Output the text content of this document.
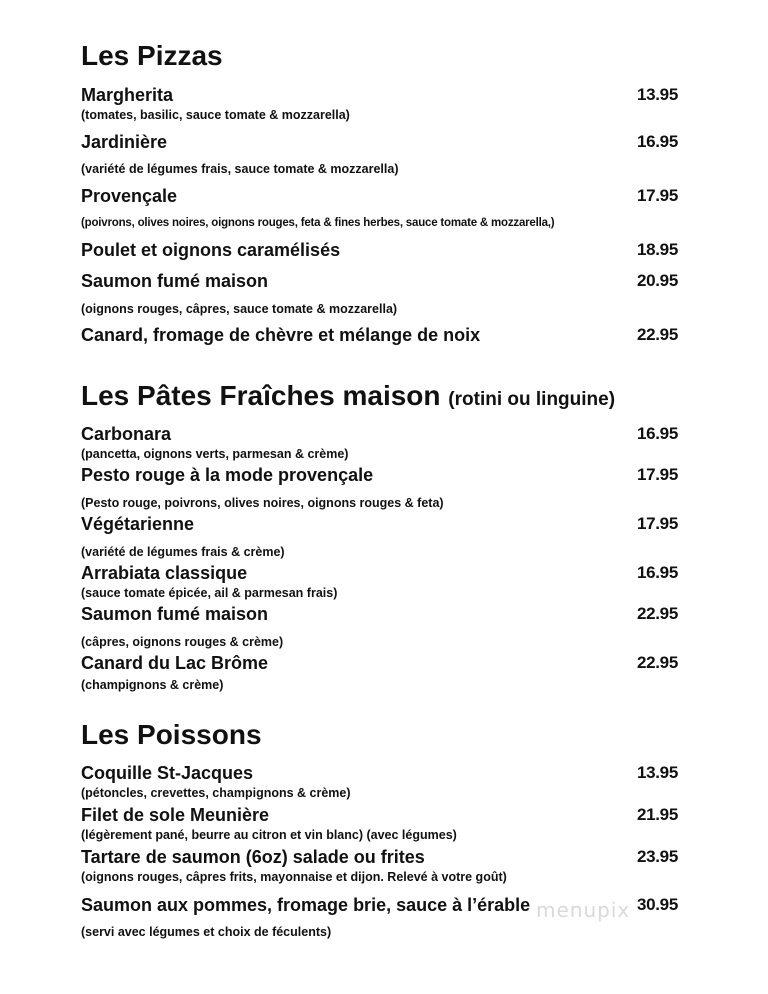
Les Pizzas
Margherita	13.95
(tomates, basilic, sauce tomate & mozzarella)
Jardinière	16.95
(variété de légumes frais, sauce tomate & mozzarella)
Provençale	17.95
(poivrons, olives noires, oignons rouges, feta & fines herbes, sauce tomate & mozzarella,)
Poulet et oignons caramélisés	18.95
Saumon fumé maison	20.95
(oignons rouges, câpres, sauce tomate & mozzarella)
Canard, fromage de chèvre et mélange de noix	22.95
Les Pâtes Fraîches maison (rotini ou linguine)
Carbonara	16.95
(pancetta, oignons verts, parmesan & crème)
Pesto rouge à la mode provençale	17.95
(Pesto rouge, poivrons, olives noires, oignons rouges & feta)
Végétarienne	17.95
(variété de légumes frais & crème)
Arrabiata classique	16.95
(sauce tomate épicée, ail & parmesan frais)
Saumon fumé maison	22.95
(câpres, oignons rouges & crème)
Canard du Lac Brôme	22.95
(champignons & crème)
Les Poissons
Coquille St-Jacques	13.95
(pétoncles, crevettes, champignons & crème)
Filet de sole Meunière	21.95
(légèrement pané, beurre au citron et vin blanc) (avec légumes)
Tartare de saumon (6oz) salade ou frites	23.95
(oignons rouges, câpres frits, mayonnaise et dijon. Relevé à votre goût)
Saumon aux pommes, fromage brie, sauce à l’érable	30.95
(servi avec légumes et choix de féculents)
menupix
